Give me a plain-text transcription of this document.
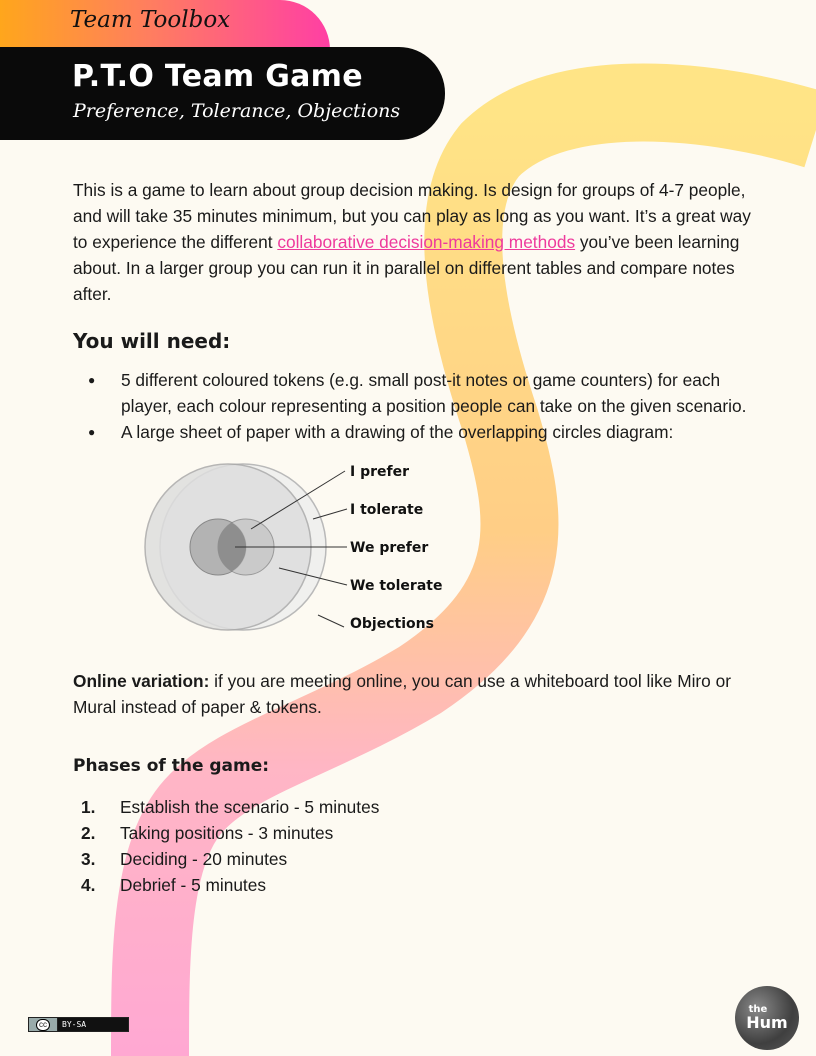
Team Toolbox

P.T.O Team Game

Preference, Tolerance, Objections

This is a game to learn about group decision making. Is design for groups of 4-7 people, and will take 35 minutes minimum, but you can play as long as you want. It’s a great way to experience the different collaborative decision-making methods you’ve been learning about. In a larger group you can run it in parallel on different tables and compare notes after.

You will need:
● 5 different coloured tokens (e.g. small post-it notes or game counters) for each player, each colour representing a position people can take on the given scenario.
● A large sheet of paper with a drawing of the overlapping circles diagram:
I prefer
I tolerate
We prefer
We tolerate
Objections

Online variation: if you are meeting online, you can use a whiteboard tool like Miro or Mural instead of paper & tokens.

Phases of the game:
1.	Establish the scenario - 5 minutes
2.	Taking positions - 3 minutes
3.	Deciding - 20 minutes
4.	Debrief - 5 minutes
cc	BY-SA
the
Hum
